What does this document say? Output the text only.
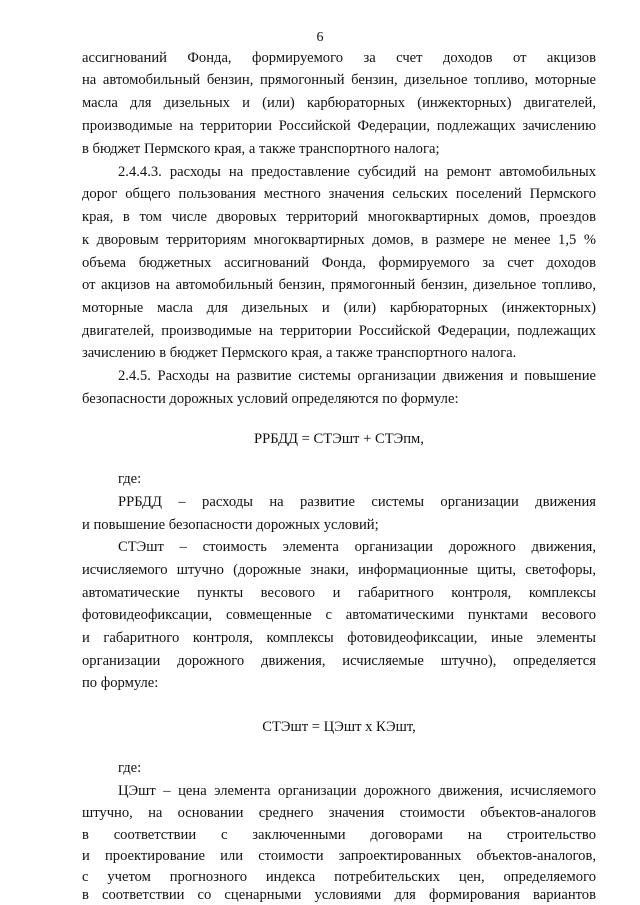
6
ассигнований Фонда, формируемого за счет доходов от акцизов
на автомобильный бензин, прямогонный бензин, дизельное топливо, моторные
масла для дизельных и (или) карбюраторных (инжекторных) двигателей,
производимые на территории Российской Федерации, подлежащих зачислению
в бюджет Пермского края, а также транспортного налога;
2.4.4.3. расходы на предоставление субсидий на ремонт автомобильных
дорог общего пользования местного значения сельских поселений Пермского
края, в том числе дворовых территорий многоквартирных домов, проездов
к дворовым территориям многоквартирных домов, в размере не менее 1,5 %
объема бюджетных ассигнований Фонда, формируемого за счет доходов
от акцизов на автомобильный бензин, прямогонный бензин, дизельное топливо,
моторные масла для дизельных и (или) карбюраторных (инжекторных)
двигателей, производимые на территории Российской Федерации, подлежащих
зачислению в бюджет Пермского края, а также транспортного налога.
2.4.5. Расходы на развитие системы организации движения и повышение
безопасности дорожных условий определяются по формуле:
РРБДД = СТЭшт + СТЭпм,
где:
РРБДД – расходы на развитие системы организации движения
и повышение безопасности дорожных условий;
СТЭшт – стоимость элемента организации дорожного движения,
исчисляемого штучно (дорожные знаки, информационные щиты, светофоры,
автоматические пункты весового и габаритного контроля, комплексы
фотовидеофиксации, совмещенные с автоматическими пунктами весового
и габаритного контроля, комплексы фотовидеофиксации, иные элементы
организации дорожного движения, исчисляемые штучно), определяется
по формуле:
СТЭшт = ЦЭшт х КЭшт,
где:
ЦЭшт – цена элемента организации дорожного движения, исчисляемого
штучно, на основании среднего значения стоимости объектов-аналогов
в соответствии с заключенными договорами на строительство
и проектирование или стоимости запроектированных объектов-аналогов,
с учетом прогнозного индекса потребительских цен, определяемого
в соответствии со сценарными условиями для формирования вариантов
